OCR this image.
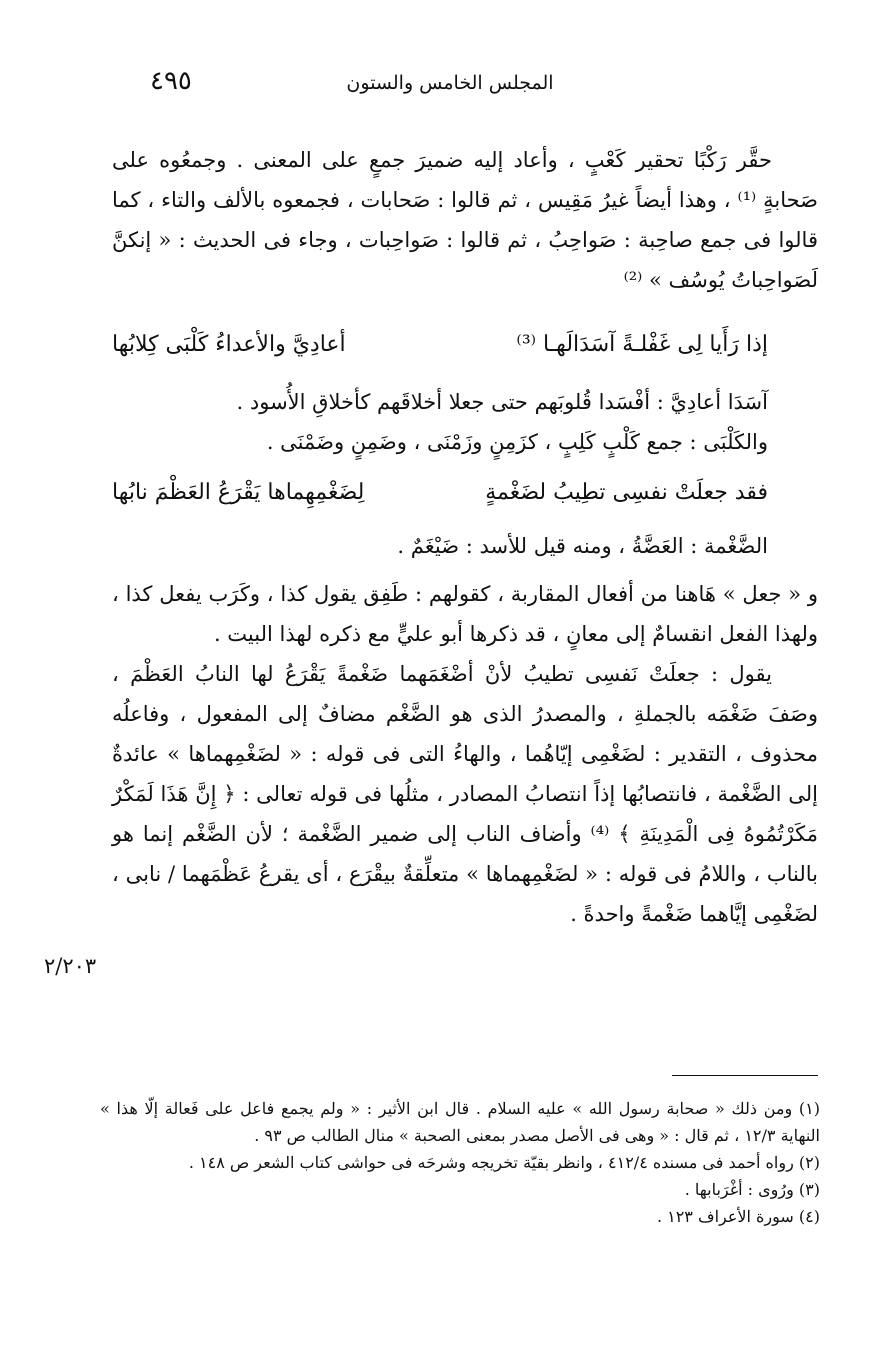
٤٩٥	المجلس الخامس والستون

حقَّر رَكْبًا تحقير كَعْبٍ ، وأعاد إليه ضميرَ جمعٍ على المعنى . وجمعُوه على صَحابةٍ ⁽¹⁾ ، وهذا أيضاً غيرُ مَقِيس ، ثم قالوا : صَحابات ، فجمعوه بالألف والتاء ، كما قالوا فى جمع صاحِبة : صَواحِبُ ، ثم قالوا : صَواحِبات ، وجاء فى الحديث : « إنكنَّ لَصَواحِباتُ يُوسُف » ⁽²⁾

إذا رَأَيا لِى غَفْلـةً آسَدَالَهـا ⁽³⁾
أعادِيَّ والأعداءُ كَلْبَى كِلابُها

آسَدَا أعادِيَّ : أفْسَدا قُلوبَهم حتى جعلا أخلاقَهم كأخلاقِ الأُسود .

والكَلْبَى : جمع كَلْبٍ كَلِبٍ ، كزَمِنٍ وزَمْنَى ، وضَمِنٍ وضَمْنَى .

فقد جعلَتْ نفسِى تطِيبُ لضَغْمةٍ
لِضَغْمِهِماها يَقْرَعُ العَظْمَ نابُها

الضَّغْمة : العَضَّةُ ، ومنه قيل للأسد : ضَيْغَمٌ .

و « جعل » هَاهنا من أفعال المقاربة ، كقولهم : طَفِق يقول كذا ، وكَرَب يفعل كذا ، ولهذا الفعل انقسامٌ إلى معانٍ ، قد ذكرها أبو عليٍّ مع ذكره لهذا البيت .

يقول : جعلَتْ نَفسِى تطيبُ لأنْ أضْغَمَهما ضَغْمةً يَقْرَعُ لها النابُ العَظْمَ ، وصَفَ ضَغْمَه بالجملةِ ، والمصدرُ الذى هو الضَّغْم مضافٌ إلى المفعول ، وفاعلُه محذوف ، التقدير : لضَغْمِى إيّاهُما ، والهاءُ التى فى قوله : « لضَغْمِهماها » عائدةٌ إلى الضَّغْمة ، فانتصابُها إذاً انتصابُ المصادر ، مثلُها فى قوله تعالى : ﴿ إِنَّ هَذَا لَمَكْرٌ مَكَرْتُمُوهُ فِى الْمَدِينَةِ ﴾ ⁽⁴⁾ وأضاف الناب إلى ضمير الضَّغْمة ؛ لأن الضَّغْم إنما هو بالناب ، واللامُ فى قوله : « لضَغْمِهماها » متعلِّقةٌ بيقْرَع ، أى يقرعُ عَظْمَهما / نابى ، لضَغْمِى إيَّاهما ضَغْمةً واحدةً .

٢/٢٠٣

(١) ومن ذلك « صحابة رسول الله » عليه السلام . قال ابن الأثير : « ولم يجمع فاعل على فَعالة إلّا هذا » النهاية ١٢/٣ ، ثم قال : « وهى فى الأصل مصدر بمعنى الصحبة » منال الطالب ص ٩٣ .

(٢) رواه أحمد فى مسنده ٤١٢/٤ ، وانظر بقيّة تخريجه وشرحَه فى حواشى كتاب الشعر ص ١٤٨ .

(٣) ورُوى : أغْرَبابها .

(٤) سورة الأعراف ١٢٣ .
